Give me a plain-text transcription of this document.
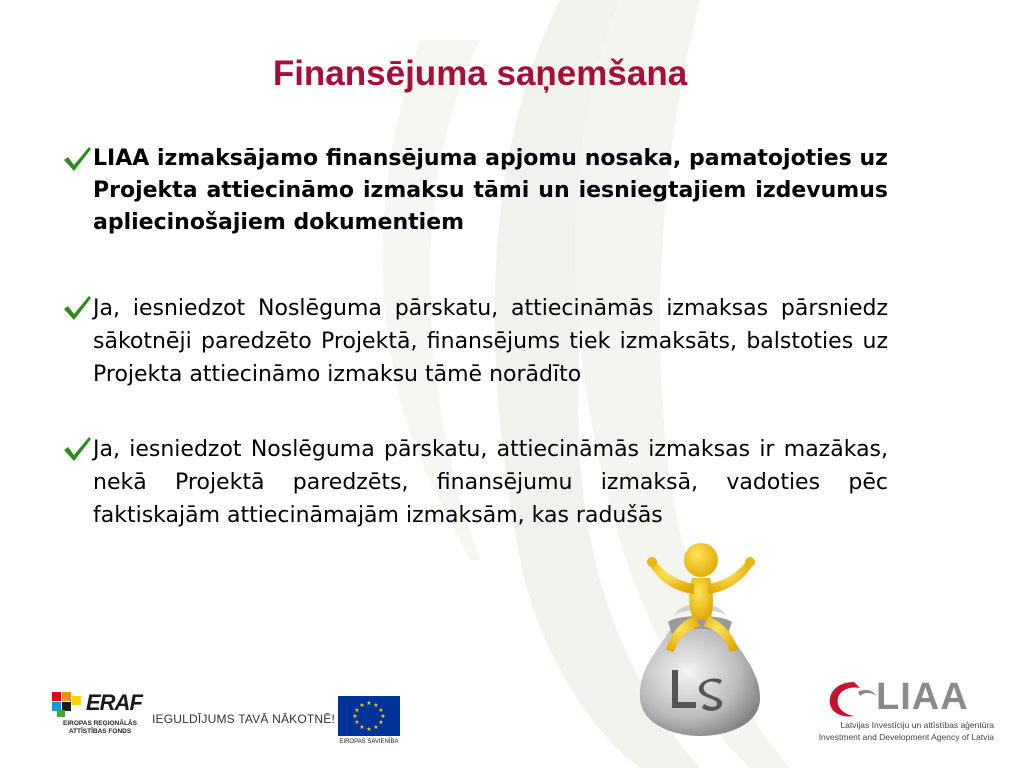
Finansējuma saņemšana
LIAA izmaksājamo finansējuma apjomu nosaka, pamatojoties uz Projekta attiecināmo izmaksu tāmi un iesniegtajiem izdevumus apliecinošajiem dokumentiem
Ja, iesniedzot Noslēguma pārskatu, attiecināmās izmaksas pārsniedz sākotnēji paredzēto Projektā, finansējums tiek izmaksāts, balstoties uz Projekta attiecināmo izmaksu tāmē norādīto
Ja, iesniedzot Noslēguma pārskatu, attiecināmās izmaksas ir mazākas, nekā Projektā paredzēts, finansējumu izmaksā, vadoties pēc faktiskajām attiecināmajām izmaksām, kas radušās
ERAF
EIROPAS REĢIONĀLĀS
ATTĪSTĪBAS FONDS
IEGULDĪJUMS TAVĀ NĀKOTNĒ!
★ ★
★
★
★
★
★
★
★
★
★
★
EIROPAS SAVIENĪBA
LIAA
Latvijas Investīciju un attīstības aģentūra
Investment and Development Agency of Latvia
